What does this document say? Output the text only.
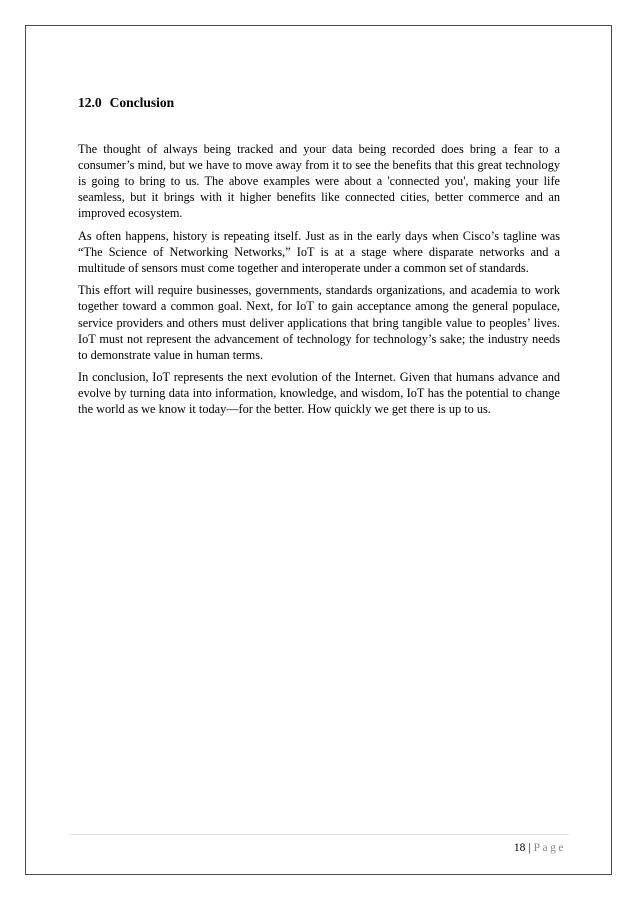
12.0 Conclusion

The thought of always being tracked and your data being recorded does bring a fear to a consumer’s mind, but we have to move away from it to see the benefits that this great technology is going to bring to us. The above examples were about a 'connected you', making your life seamless, but it brings with it higher benefits like connected cities, better commerce and an improved ecosystem.

As often happens, history is repeating itself. Just as in the early days when Cisco’s tagline was “The Science of Networking Networks,” IoT is at a stage where disparate networks and a multitude of sensors must come together and interoperate under a common set of standards.

This effort will require businesses, governments, standards organizations, and academia to work together toward a common goal. Next, for IoT to gain acceptance among the general populace, service providers and others must deliver applications that bring tangible value to peoples’ lives. IoT must not represent the advancement of technology for technology’s sake; the industry needs to demonstrate value in human terms.

In conclusion, IoT represents the next evolution of the Internet. Given that humans advance and evolve by turning data into information, knowledge, and wisdom, IoT has the potential to change the world as we know it today—for the better. How quickly we get there is up to us.

18 | Page
